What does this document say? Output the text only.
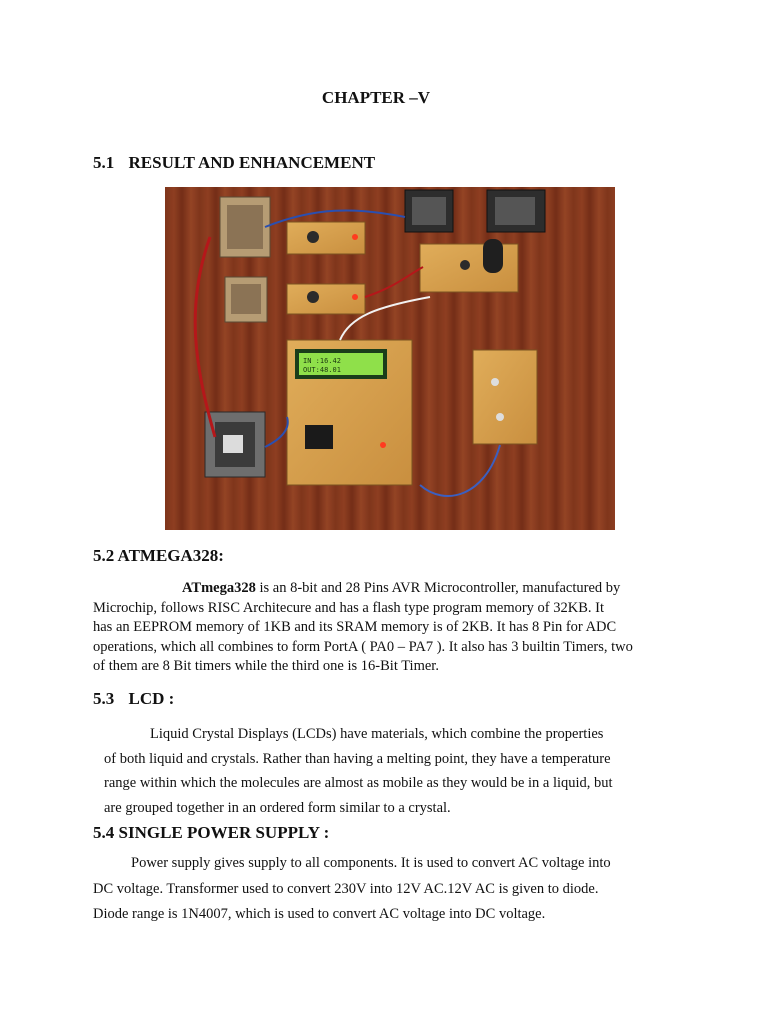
CHAPTER –V
5.1 RESULT AND ENHANCEMENT
IN :16.42
OUT:48.01
5.2 ATMEGA328:
ATmega328 is an 8-bit and 28 Pins AVR Microcontroller, manufactured by
Microchip, follows RISC Architecure and has a flash type program memory of 32KB. It
has an EEPROM memory of 1KB and its SRAM memory is of 2KB. It has 8 Pin for ADC
operations, which all combines to form PortA ( PA0 – PA7 ). It also has 3 builtin Timers, two
of them are 8 Bit timers while the third one is 16-Bit Timer.
5.3 LCD :
Liquid Crystal Displays (LCDs) have materials, which combine the properties
of both liquid and crystals. Rather than having a melting point, they have a temperature
range within which the molecules are almost as mobile as they would be in a liquid, but
are grouped together in an ordered form similar to a crystal.
5.4 SINGLE POWER SUPPLY :
Power supply gives supply to all components. It is used to convert AC voltage into
DC voltage. Transformer used to convert 230V into 12V AC.12V AC is given to diode.
Diode range is 1N4007, which is used to convert AC voltage into DC voltage.
